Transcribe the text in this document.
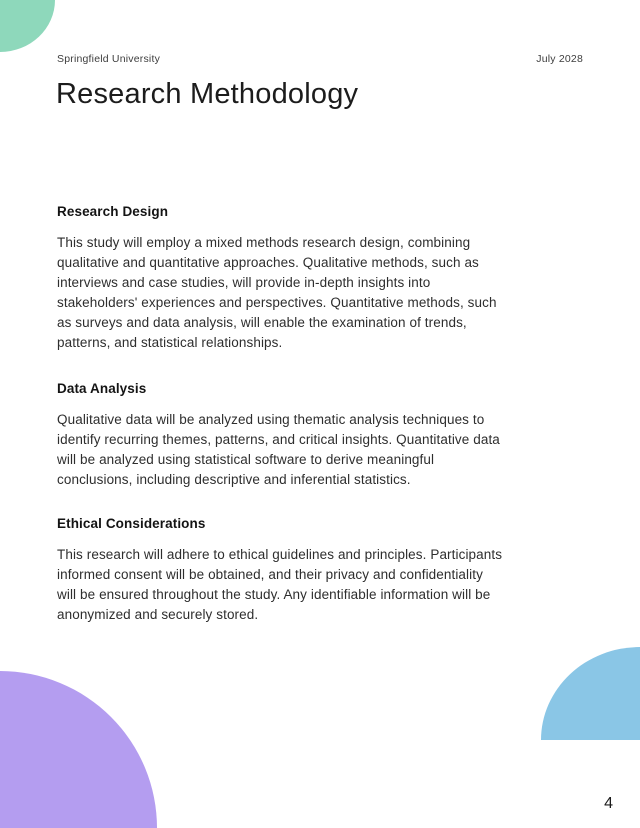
Springfield University	July 2028
Research Methodology
Research Design

This study will employ a mixed methods research design, combining qualitative and quantitative approaches. Qualitative methods, such as interviews and case studies, will provide in-depth insights into stakeholders' experiences and perspectives. Quantitative methods, such as surveys and data analysis, will enable the examination of trends, patterns, and statistical relationships.

Data Analysis

Qualitative data will be analyzed using thematic analysis techniques to identify recurring themes, patterns, and critical insights. Quantitative data will be analyzed using statistical software to derive meaningful conclusions, including descriptive and inferential statistics.

Ethical Considerations

This research will adhere to ethical guidelines and principles. Participants informed consent will be obtained, and their privacy and confidentiality will be ensured throughout the study. Any identifiable information will be anonymized and securely stored.

4
